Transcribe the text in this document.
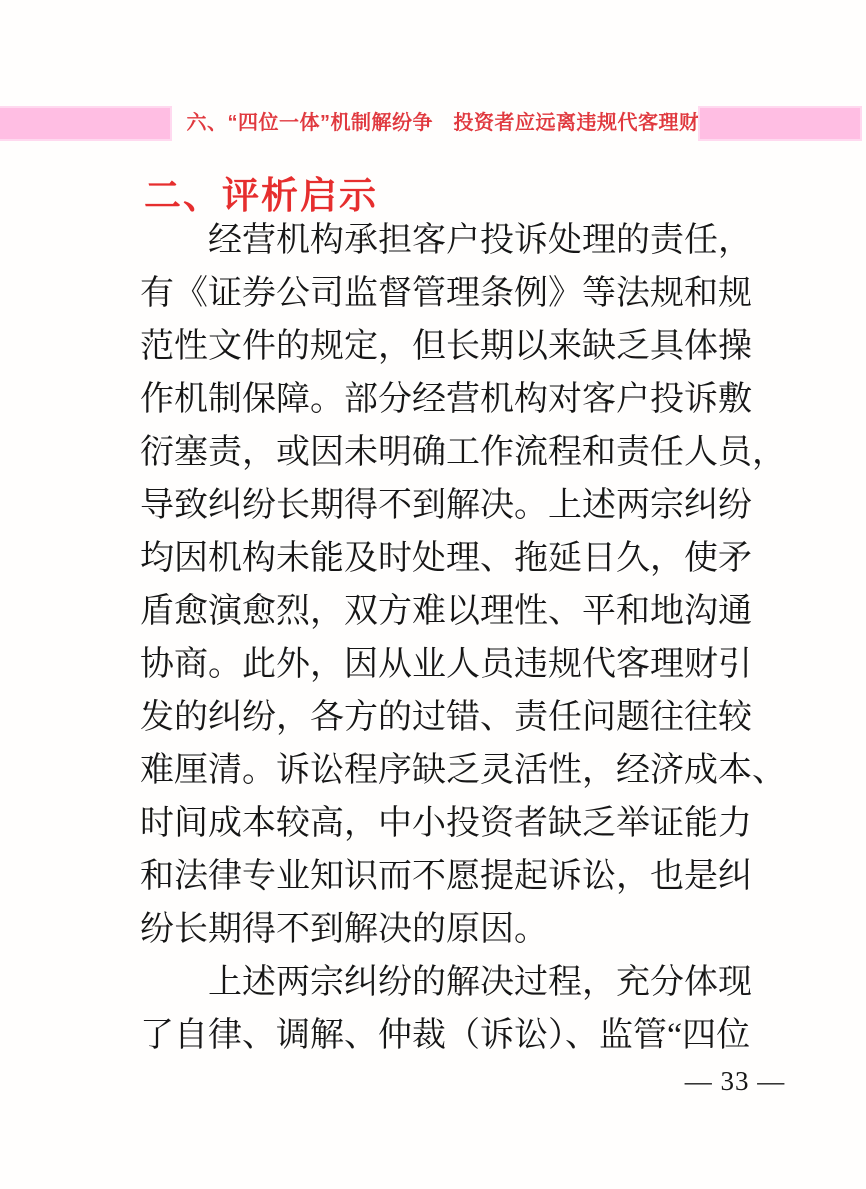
六、“四位一体”机制解纷争　投资者应远离违规代客理财
二、评析启示
经营机构承担客户投诉处理的责任，
有《证券公司监督管理条例》等法规和规
范性文件的规定，但长期以来缺乏具体操
作机制保障。部分经营机构对客户投诉敷
衍塞责，或因未明确工作流程和责任人员，
导致纠纷长期得不到解决。上述两宗纠纷
均因机构未能及时处理、拖延日久，使矛
盾愈演愈烈，双方难以理性、平和地沟通
协商。此外，因从业人员违规代客理财引
发的纠纷，各方的过错、责任问题往往较
难厘清。诉讼程序缺乏灵活性，经济成本、
时间成本较高，中小投资者缺乏举证能力
和法律专业知识而不愿提起诉讼，也是纠
纷长期得不到解决的原因。
上述两宗纠纷的解决过程，充分体现
了自律、调解、仲裁（诉讼）、监管“四位
— 33 —
